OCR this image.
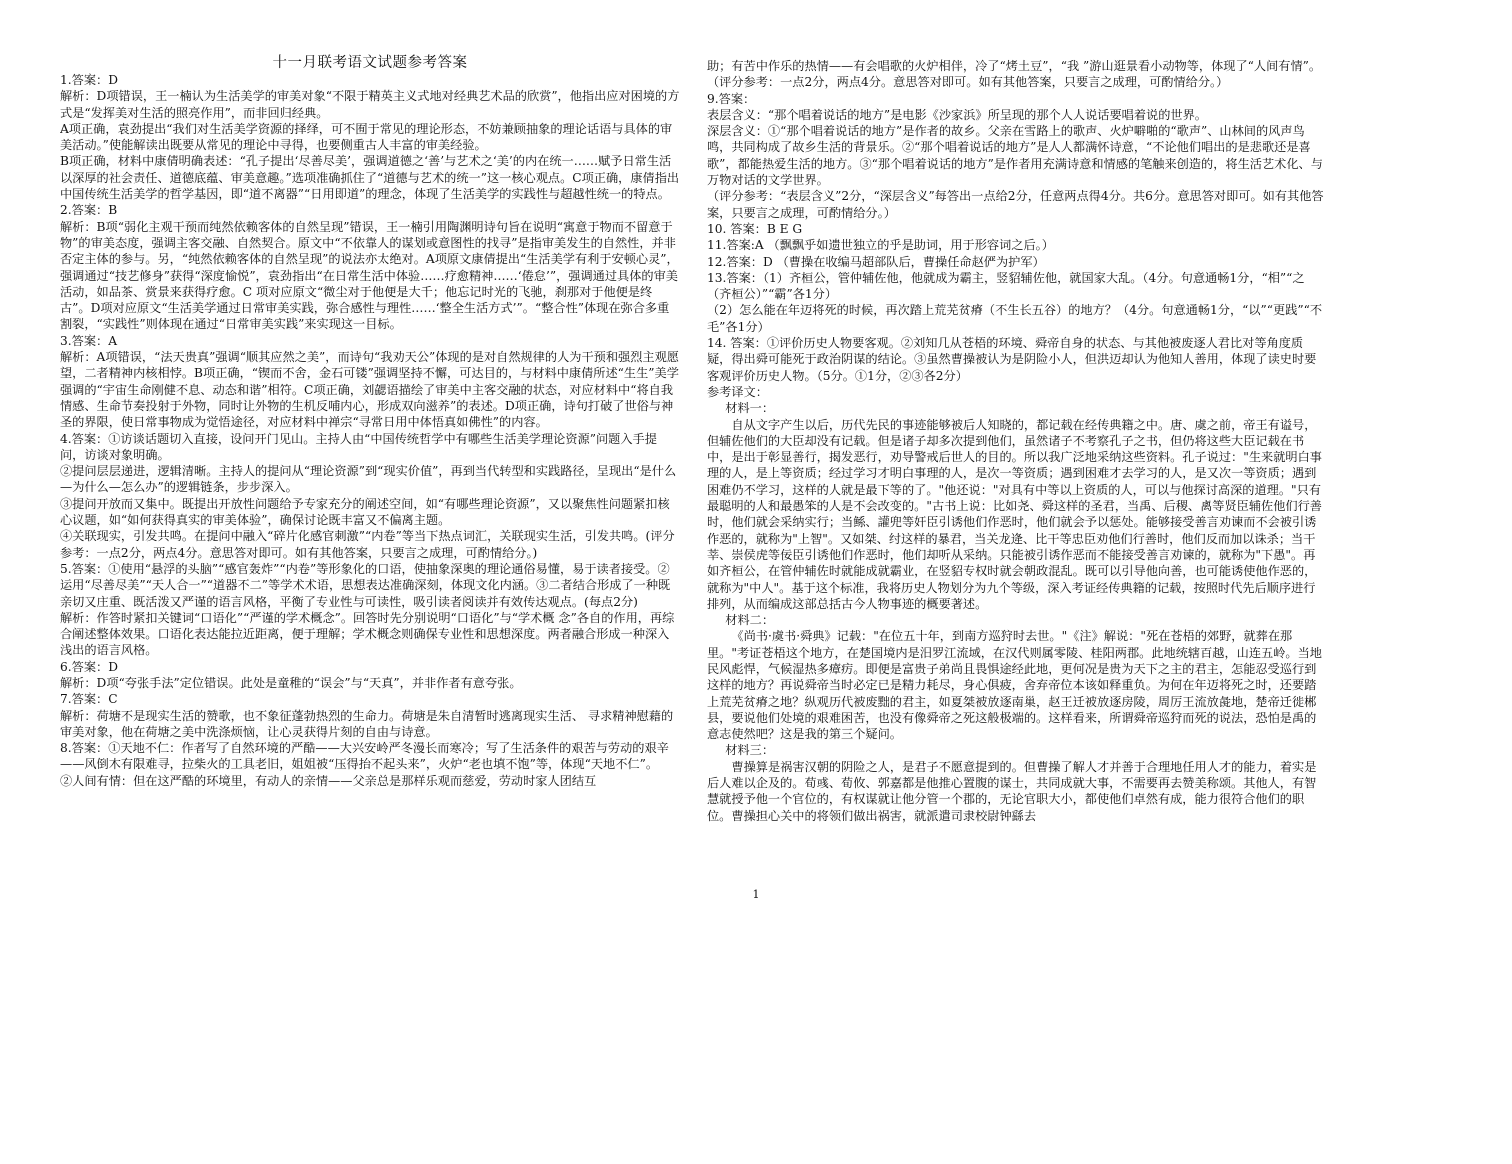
十一月联考语文试题参考答案

1.答案：D

解析：D项错误，王一楠认为生活美学的审美对象“不限于精英主义式地对经典艺术品的欣赏”，他指出应对困境的方式是“发挥美对生活的照亮作用”，而非回归经典。

A项正确，袁劲提出“我们对生活美学资源的择绎，可不囿于常见的理论形态，不妨兼顾抽象的理论话语与具体的审美活动。”使能解读出既要从常见的理论中寻得，也要侧重古人丰富的审美经验。

B项正确，材料中康倩明确表述：“孔子提出‘尽善尽美’，强调道德之‘善’与艺术之‘美’的内在统一……赋予日常生活以深厚的社会责任、道德底蕴、审美意趣。”选项准确抓住了“道德与艺术的统一”这一核心观点。C项正确，康倩指出中国传统生活美学的哲学基因，即“道不离器”“日用即道”的理念，体现了生活美学的实践性与超越性统一的特点。

2.答案：B

解析：B项“弱化主观干预而纯然依赖客体的自然呈现”错误，王一楠引用陶渊明诗句旨在说明“寓意于物而不留意于物”的审美态度，强调主客交融、自然契合。原文中“不依靠人的谋划或意图性的找寻”是指审美发生的自然性，并非否定主体的参与。另，“纯然依赖客体的自然呈现”的说法亦太绝对。A项原文康倩提出“生活美学有利于安顿心灵”，强调通过“技艺修身”获得“深度愉悦”，袁劲指出“在日常生活中体验……疗愈精神……‘倦怠’”，强调通过具体的审美活动，如品茶、赏景来获得疗愈。C 项对应原文“微尘对于他便是大千；他忘记时光的飞驰，刹那对于他便是终古”。D项对应原文“生活美学通过日常审美实践，弥合感性与理性……‘整全生活方式’”。“整合性”体现在弥合多重割裂，“实践性”则体现在通过“日常审美实践”来实现这一目标。

3.答案：A

解析：A项错误，“法天贵真”强调“顺其应然之美”，而诗句“我劝天公”体现的是对自然规律的人为干预和强烈主观愿望，二者精神内核相悖。B项正确，“锲而不舍，金石可镂”强调坚持不懈，可达目的，与材料中康倩所述“生生”美学强调的“宇宙生命刚健不息、动态和谐”相符。C项正确，刘勰语描绘了审美中主客交融的状态，对应材料中“将自我情感、生命节奏投射于外物，同时让外物的生机反哺内心，形成双向滋养”的表述。D项正确，诗句打破了世俗与神圣的界限，使日常事物成为觉悟途径，对应材料中禅宗“寻常日用中体悟真如佛性”的内容。

4.答案：①访谈话题切入直接，设问开门见山。主持人由“中国传统哲学中有哪些生活美学理论资源”问题入手提问，访谈对象明确。

②提问层层递进，逻辑清晰。主持人的提问从“理论资源”到“现实价值”，再到当代转型和实践路径，呈现出“是什么—为什么—怎么办”的逻辑链条，步步深入。

③提问开放而又集中。既提出开放性问题给予专家充分的阐述空间，如“有哪些理论资源”，又以聚焦性问题紧扣核心议题，如“如何获得真实的审美体验”，确保讨论既丰富又不偏离主题。

④关联现实，引发共鸣。在提问中融入“碎片化感官刺激”“内卷”等当下热点词汇，关联现实生活，引发共鸣。(评分参考：一点2分，两点4分。意思答对即可。如有其他答案，只要言之成理，可酌情给分。)

5.答案：①使用“悬浮的头脑”“感官轰炸”“内卷”等形象化的口语，使抽象深奥的理论通俗易懂，易于读者接受。②运用“尽善尽美”“天人合一”“道器不二”等学术术语，思想表达准确深刻，体现文化内涵。③二者结合形成了一种既亲切又庄重、既活泼又严谨的语言风格，平衡了专业性与可读性，吸引读者阅读并有效传达观点。(每点2分)

解析：作答时紧扣关键词“口语化”“严谨的学术概念”。回答时先分别说明“口语化”与“学术概 念”各自的作用，再综合阐述整体效果。口语化表达能拉近距离，便于理解；学术概念则确保专业性和思想深度。两者融合形成一种深入浅出的语言风格。

6.答案：D

解析：D项“夸张手法”定位错误。此处是童稚的“误会”与“天真”，并非作者有意夸张。

7.答案：C

解析：荷塘不是现实生活的赞歌，也不象征蓬勃热烈的生命力。荷塘是朱自清暂时逃离现实生活、 寻求精神慰藉的审美对象，他在荷塘之美中洗涤烦恼，让心灵获得片刻的自由与诗意。

8.答案：①天地不仁：作者写了自然环境的严酷——大兴安岭严冬漫长而寒冷；写了生活条件的艰苦与劳动的艰辛——风倒木有限难寻，拉柴火的工具老旧，姐姐被“压得抬不起头来”，火炉“老也填不饱”等，体现“天地不仁”。

②人间有情：但在这严酷的环境里，有动人的亲情——父亲总是那样乐观而慈爱，劳动时家人团结互

助；有苦中作乐的热情——有会唱歌的火炉相伴，冷了“烤土豆”，“我 ”游山逛景看小动物等，体现了“人间有情”。

（评分参考：一点2分，两点4分。意思答对即可。如有其他答案，只要言之成理，可酌情给分。）

9.答案：

表层含义：“那个唱着说话的地方”是电影《沙家浜》所呈现的那个人人说话要唱着说的世界。

深层含义：①“那个唱着说话的地方”是作者的故乡。父亲在雪路上的歌声、火炉噼啪的“歌声”、山林间的风声鸟鸣，共同构成了故乡生活的背景乐。②“那个唱着说话的地方”是人人都满怀诗意，“不论他们唱出的是悲歌还是喜歌”，都能热爱生活的地方。③“那个唱着说话的地方”是作者用充满诗意和情感的笔触来创造的，将生活艺术化、与万物对话的文学世界。

（评分参考：“表层含义”2分，“深层含义”每答出一点给2分，任意两点得4分。共6分。意思答对即可。如有其他答案，只要言之成理，可酌情给分。）

10. 答案：B E G

11.答案:A （飘飘乎如遗世独立的乎是助词，用于形容词之后。）

12.答案：D （曹操在收编马超部队后，曹操任命赵俨为护军）

13.答案：（1）齐桓公，管仲辅佐他，他就成为霸主，竖貂辅佐他，就国家大乱。（4分。句意通畅1分，“相”“之（齐桓公）”“霸”各1分）

（2）怎么能在年迈将死的时候，再次踏上荒芜贫瘠（不生长五谷）的地方？（4分。句意通畅1分，“以”“更践”“不毛”各1分）

14. 答案：①评价历史人物要客观。②刘知几从苍梧的环境、舜帝自身的状态、与其他被废逐人君比对等角度质疑，得出舜可能死于政治阴谋的结论。③虽然曹操被认为是阴险小人，但洪迈却认为他知人善用，体现了读史时要客观评价历史人物。（5分。①1分，②③各2分）

参考译文：

材料一：

自从文字产生以后，历代先民的事迹能够被后人知晓的，都记载在经传典籍之中。唐、虞之前，帝王有谥号，但辅佐他们的大臣却没有记载。但是诸子却多次提到他们，虽然诸子不考察孔子之书，但仍将这些大臣记载在书中，是出于彰显善行，揭发恶行，劝导警戒后世人的目的。所以我广泛地采纳这些资料。孔子说过："生来就明白事理的人，是上等资质；经过学习才明白事理的人，是次一等资质；遇到困难才去学习的人，是又次一等资质；遇到困难仍不学习，这样的人就是最下等的了。"他还说："对具有中等以上资质的人，可以与他探讨高深的道理。"只有最聪明的人和最愚笨的人是不会改变的。"古书上说：比如尧、舜这样的圣君，当禹、后稷、禼等贤臣辅佐他们行善时，他们就会采纳实行；当鲧、讙兜等奸臣引诱他们作恶时，他们就会予以惩处。能够接受善言劝谏而不会被引诱作恶的，就称为"上智"。又如桀、纣这样的暴君，当关龙逄、比干等忠臣劝他们行善时，他们反而加以诛杀；当干莘、崇侯虎等佞臣引诱他们作恶时，他们却听从采纳。只能被引诱作恶而不能接受善言劝谏的，就称为"下愚"。再如齐桓公，在管仲辅佐时就能成就霸业，在竖貂专权时就会朝政混乱。既可以引导他向善，也可能诱使他作恶的，就称为"中人"。基于这个标准，我将历史人物划分为九个等级，深入考证经传典籍的记载，按照时代先后顺序进行排列，从而编成这部总括古今人物事迹的概要著述。

材料二：

《尚书·虞书·舜典》记载："在位五十年，到南方巡狩时去世。"《注》解说："死在苍梧的郊野，就葬在那里。"考证苍梧这个地方，在楚国境内是汨罗江流域，在汉代则属零陵、桂阳两郡。此地统辖百越，山连五岭。当地民风彪悍，气候湿热多瘴疠。即便是富贵子弟尚且畏惧途经此地，更何况是贵为天下之主的君主，怎能忍受巡行到这样的地方？再说舜帝当时必定已是精力耗尽，身心俱疲，舍弃帝位本该如释重负。为何在年迈将死之时，还要踏上荒芜贫瘠之地？纵观历代被废黜的君主，如夏桀被放逐南巢，赵王迁被放逐房陵，周厉王流放彘地，楚帝迁徙郴县，要说他们处境的艰难困苦，也没有像舜帝之死这般极端的。这样看来，所谓舜帝巡狩而死的说法，恐怕是禹的意志使然吧？这是我的第三个疑问。

材料三：

曹操算是祸害汉朝的阴险之人，是君子不愿意提到的。但曹操了解人才并善于合理地任用人才的能力，着实是后人难以企及的。荀彧、荀攸、郭嘉都是他推心置腹的谋士，共同成就大事，不需要再去赞美称颂。其他人，有智慧就授予他一个官位的，有权谋就让他分管一个郡的，无论官职大小，都使他们卓然有成，能力很符合他们的职位。曹操担心关中的将领们做出祸害，就派遣司隶校尉钟繇去

1
